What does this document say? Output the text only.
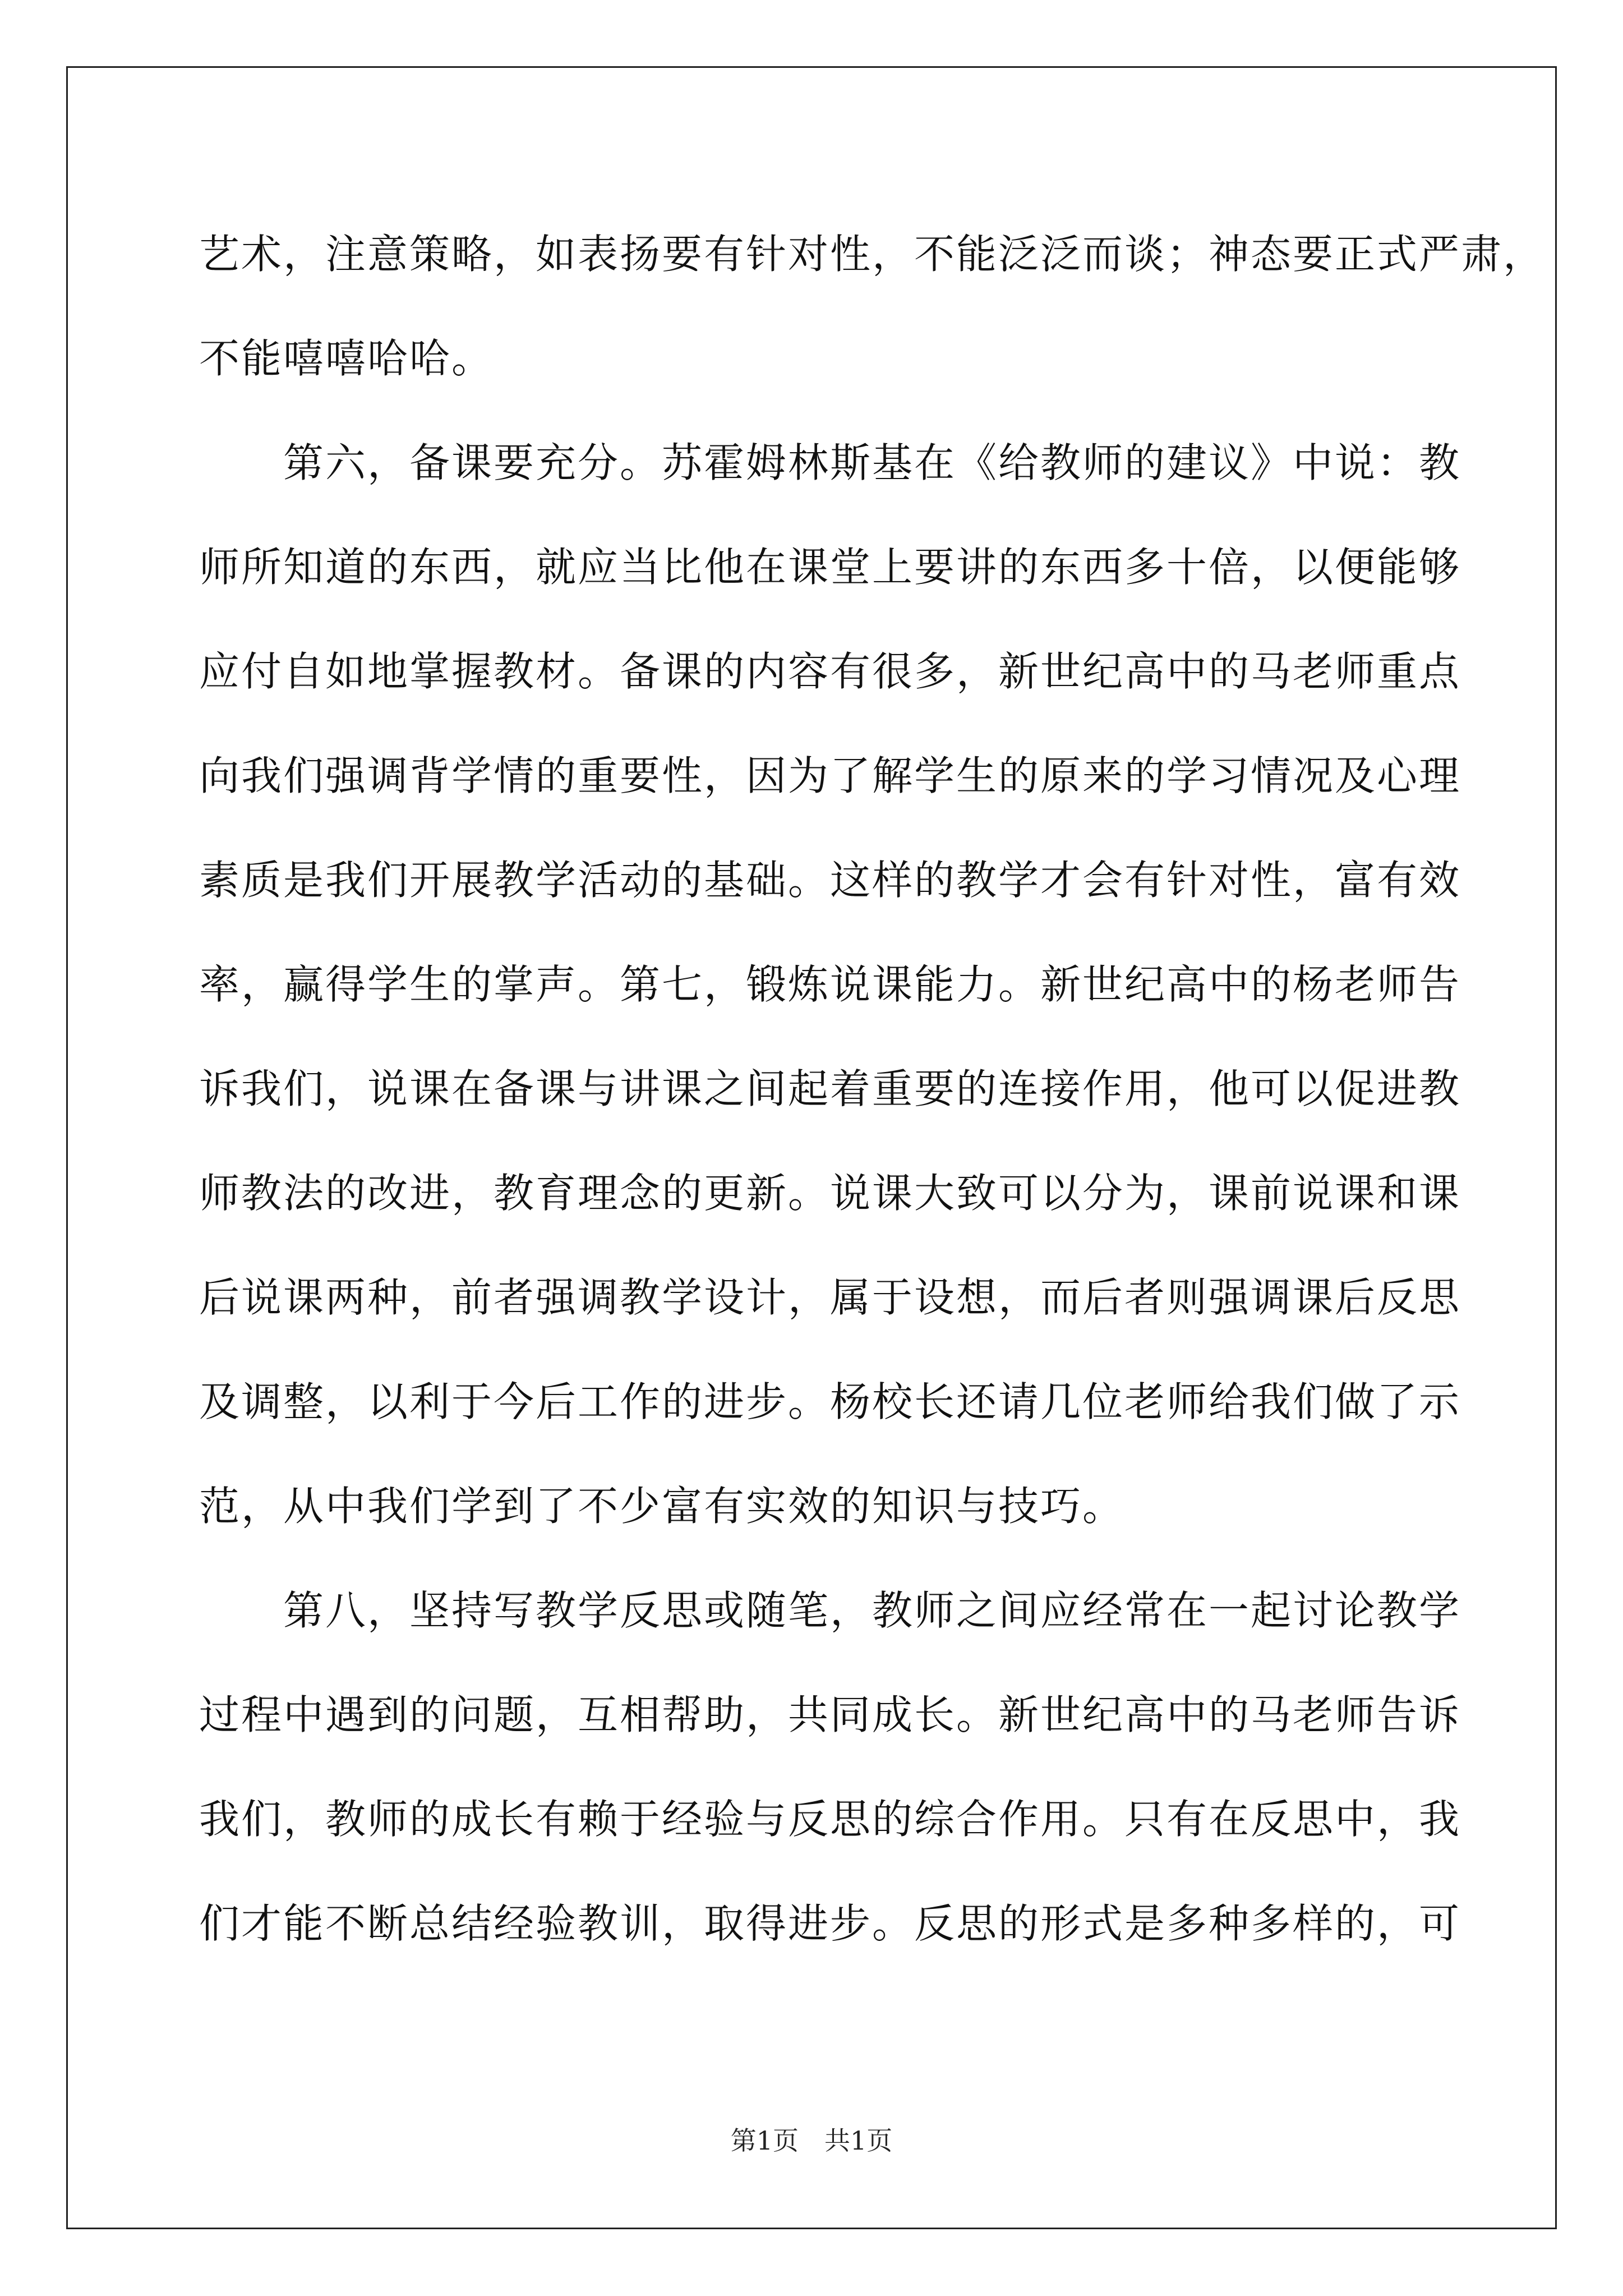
艺术，注意策略，如表扬要有针对性，不能泛泛而谈；神态要正式严肃，
不能嘻嘻哈哈。
第六，备课要充分。苏霍姆林斯基在《给教师的建议》中说：教
师所知道的东西，就应当比他在课堂上要讲的东西多十倍，以便能够
应付自如地掌握教材。备课的内容有很多，新世纪高中的马老师重点
向我们强调背学情的重要性，因为了解学生的原来的学习情况及心理
素质是我们开展教学活动的基础。这样的教学才会有针对性，富有效
率，赢得学生的掌声。第七，锻炼说课能力。新世纪高中的杨老师告
诉我们，说课在备课与讲课之间起着重要的连接作用，他可以促进教
师教法的改进，教育理念的更新。说课大致可以分为，课前说课和课
后说课两种，前者强调教学设计，属于设想，而后者则强调课后反思
及调整，以利于今后工作的进步。杨校长还请几位老师给我们做了示
范，从中我们学到了不少富有实效的知识与技巧。
第八，坚持写教学反思或随笔，教师之间应经常在一起讨论教学
过程中遇到的问题，互相帮助，共同成长。新世纪高中的马老师告诉
我们，教师的成长有赖于经验与反思的综合作用。只有在反思中，我
们才能不断总结经验教训，取得进步。反思的形式是多种多样的，可
第1页　共1页
